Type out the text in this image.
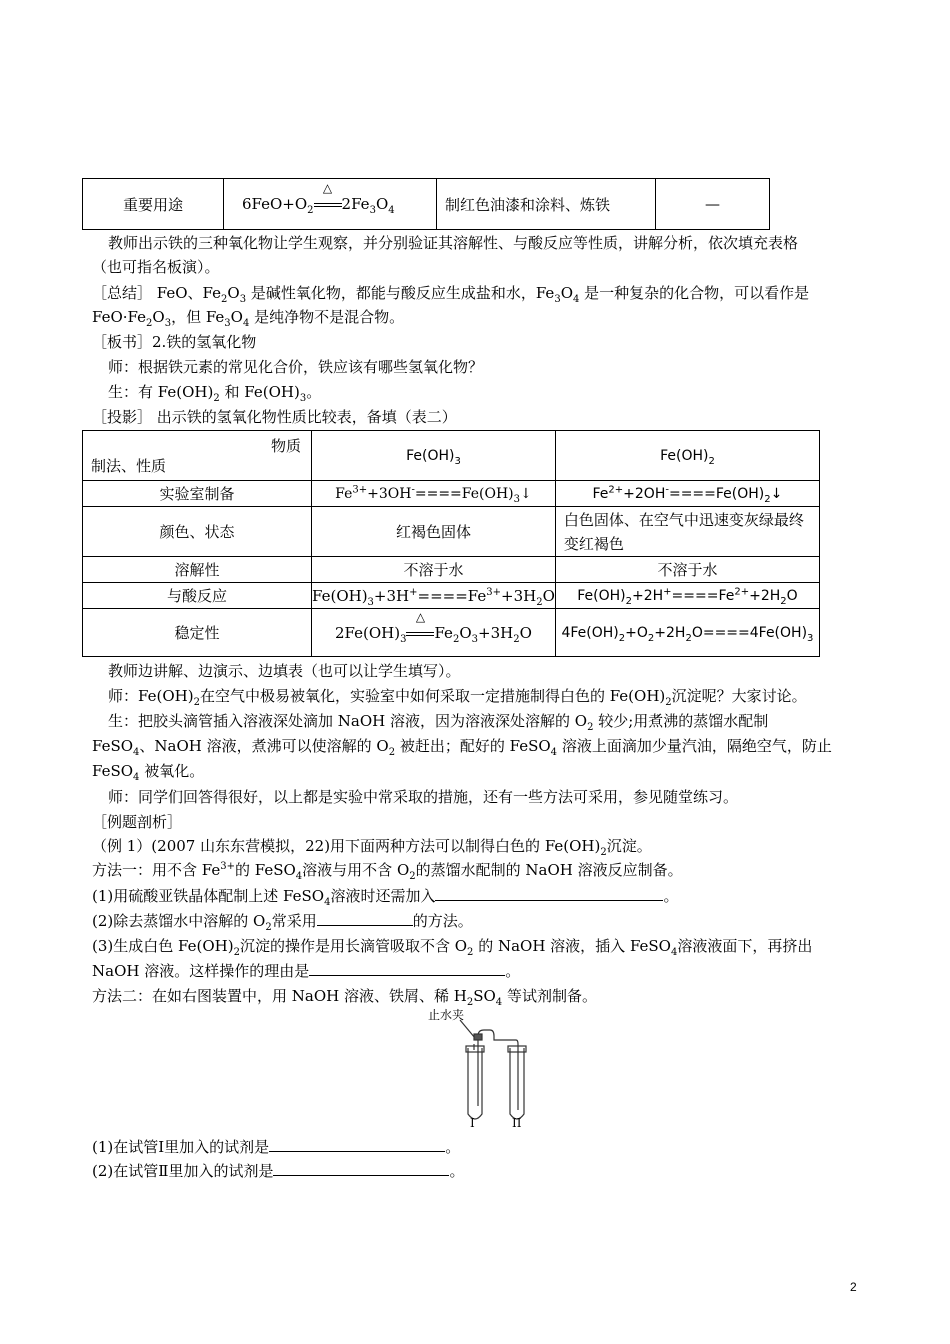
重要用途	$6FeO+O_2$
△
$2Fe_3O_4$	制红色油漆和涂料、炼铁	—
教师出示铁的三种氧化物让学生观察，并分别验证其溶解性、与酸反应等性质，讲解分析，依次填充表格
（也可指名板演）。
［总结］ FeO、$Fe_2O_3$ 是碱性氧化物，都能与酸反应生成盐和水，$Fe_3O_4$ 是一种复杂的化合物，可以看作是
$FeO\cdot Fe_2O_3$，但 $Fe_3O_4$ 是纯净物不是混合物。
［板书］2.铁的氢氧化物
师：根据铁元素的常见化合价，铁应该有哪些氢氧化物？
生：有 $Fe(OH)_2$ 和 $Fe(OH)_3$。
［投影］ 出示铁的氢氧化物性质比较表，备填（表二）
物质
制法、性质	$Fe(OH)_3$	$Fe(OH)_2$
实验室制备	$Fe^{3+}+3OH^-====Fe(OH)_3↓$	$Fe^{2+}+2OH^-====Fe(OH)_2↓$
颜色、状态	红褐色固体	白色固体、在空气中迅速变灰绿最终
变红褐色

溶解性	不溶于水	不溶于水
与酸反应	$Fe(OH)_3+3H^+====Fe^{3+}+3H_2O$	$Fe(OH)_2+2H^+====Fe^{2+}+2H_2O$
稳定性	$2Fe(OH)_3$
△
$Fe_2O_3+3H_2O$	$4Fe(OH)_2+O_2+2H_2O====4Fe(OH)_3$
教师边讲解、边演示、边填表（也可以让学生填写）。
师：$Fe(OH)_2$在空气中极易被氧化，实验室中如何采取一定措施制得白色的 $Fe(OH)_2$沉淀呢？大家讨论。
生：把胶头滴管插入溶液深处滴加 NaOH 溶液，因为溶液深处溶解的 $O_2$ 较少;用煮沸的蒸馏水配制
FeSO$_4$、NaOH 溶液，煮沸可以使溶解的 $O_2$ 被赶出；配好的 FeSO$_4$ 溶液上面滴加少量汽油，隔绝空气，防止
FeSO$_4$ 被氧化。
师：同学们回答得很好，以上都是实验中常采取的措施，还有一些方法可采用，参见随堂练习。
［例题剖析］
（例 1）(2007 山东东营模拟，22)用下面两种方法可以制得白色的 $Fe(OH)_2$沉淀。
方法一：用不含 $Fe^{3+}$的 FeSO$_4$溶液与用不含 $O_2$的蒸馏水配制的 NaOH 溶液反应制备。
(1)用硫酸亚铁晶体配制上述 FeSO$_4$溶液时还需加入	。
(2)除去蒸馏水中溶解的 $O_2$常采用	的方法。
(3)生成白色 $Fe(OH)_2$沉淀的操作是用长滴管吸取不含 $O_2$ 的 NaOH 溶液，插入 FeSO$_4$溶液液面下，再挤出
NaOH 溶液。这样操作的理由是	。
方法二：在如右图装置中，用 NaOH 溶液、铁屑、稀 $H_2SO_4$ 等试剂制备。
止水夹
I	II
(1)在试管Ⅰ里加入的试剂是	。
(2)在试管Ⅱ里加入的试剂是	。
2
